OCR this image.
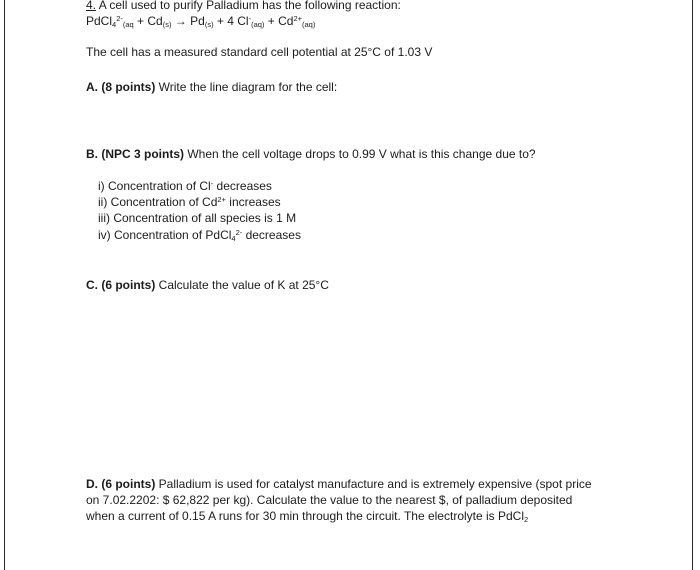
4. A cell used to purify Palladium has the following reaction:
PdCl$_4^{2-}_{(aq}$ + $Cd_{(s)} \to Pd_{(s)} + 4$ $Cl^-_{(aq)} + Cd^{2+}_{(aq)}$
The cell has a measured standard cell potential at 25°C of 1.03 V
A. (8 points) Write the line diagram for the cell:
B. (NPC 3 points) When the cell voltage drops to 0.99 V what is this change due to?
i) Concentration of Cl- decreases
ii) Concentration of $Cd^{2+}$ increases
iii) Concentration of all species is 1 M
iv) Concentration of PdCl$_4^{2-}$ decreases
C. (6 points) Calculate the value of K at 25°C
D. (6 points) Palladium is used for catalyst manufacture and is extremely expensive (spot price
on 7.02.2202: $ 62,822 per kg). Calculate the value to the nearest $, of palladium deposited
when a current of 0.15 A runs for 30 min through the circuit. The electrolyte is PdCl$_2$
